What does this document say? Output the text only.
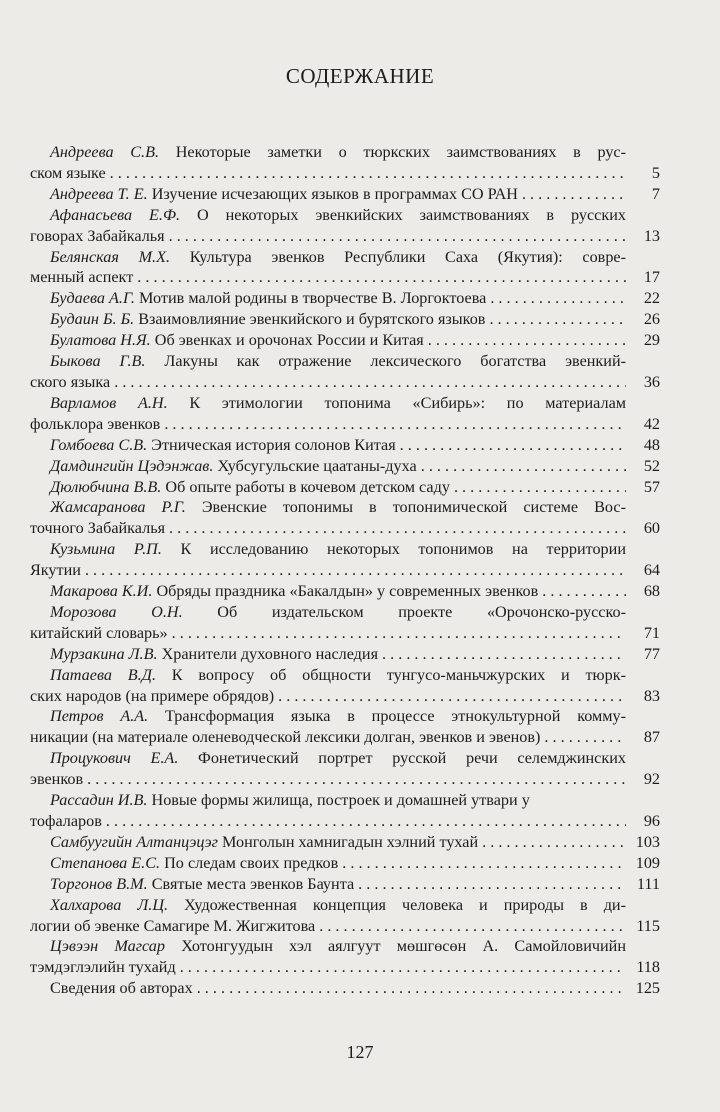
СОДЕРЖАНИЕ
Андреева С.В. Некоторые заметки о тюркских заимствованиях в рус-
ском языке . . .	5
Андреева Т. Е. Изучение исчезающих языков в программах СО РАН . . .	7
Афанасьева Е.Ф. О некоторых эвенкийских заимствованиях в русских
говорах Забайкалья . . .	13
Белянская М.Х. Культура эвенков Республики Саха (Якутия): совре-
менный аспект . . .	17
Будаева А.Г. Мотив малой родины в творчестве В. Лоргоктоева . . .	22
Будаин Б. Б. Взаимовлияние эвенкийского и бурятского языков . . .	26
Булатова Н.Я. Об эвенках и орочонах России и Китая . . .	29
Быкова Г.В. Лакуны как отражение лексического богатства эвенкий-
ского языка . . .	36
Варламов А.Н. К этимологии топонима «Сибирь»: по материалам
фольклора эвенков . . .	42
Гомбоева С.В. Этническая история солонов Китая . . .	48
Дамдингийн Цэдэнжав. Хубсугульские цаатаны-духа . . .	52
Дюлюбчина В.В. Об опыте работы в кочевом детском саду . . .	57
Жамсаранова Р.Г. Эвенские топонимы в топонимической системе Вос-
точного Забайкалья . . .	60
Кузьмина Р.П. К исследованию некоторых топонимов на территории
Якутии . . .	64
Макарова К.И. Обряды праздника «Бакалдын» у современных эвенков . . .	68
Морозова О.Н. Об издательском проекте «Орочонско-русско-
китайский словарь» . . .	71
Мурзакина Л.В. Хранители духовного наследия . . .	77
Патаева В.Д. К вопросу об общности тунгусо-маньчжурских и тюрк-
ских народов (на примере обрядов) . . .	83
Петров А.А. Трансформация языка в процессе этнокультурной комму-
никации (на материале оленеводческой лексики долган, эвенков и эвенов) . . .	87
Процукович Е.А. Фонетический портрет русской речи селемджинских
эвенков . . .	92
Рассадин И.В. Новые формы жилища, построек и домашней утвари у
тофаларов . . .	96
Самбуугийн Алтанцэцэг Монголын хамнигадын хэлний тухай . . .	103
Степанова Е.С. По следам своих предков . . .	109
Торгонов В.М. Святые места эвенков Баунта . . .	111
Халхарова Л.Ц. Художественная концепция человека и природы в ди-
логии об эвенке Самагире М. Жигжитова . . .	115
Цэвээн Магсар Хотонгуудын хэл аялгуут мөшгөсөн А. Самойловичийн
тэмдэглэлийн тухайд . . .	118
Сведения об авторах . . .	125
127
